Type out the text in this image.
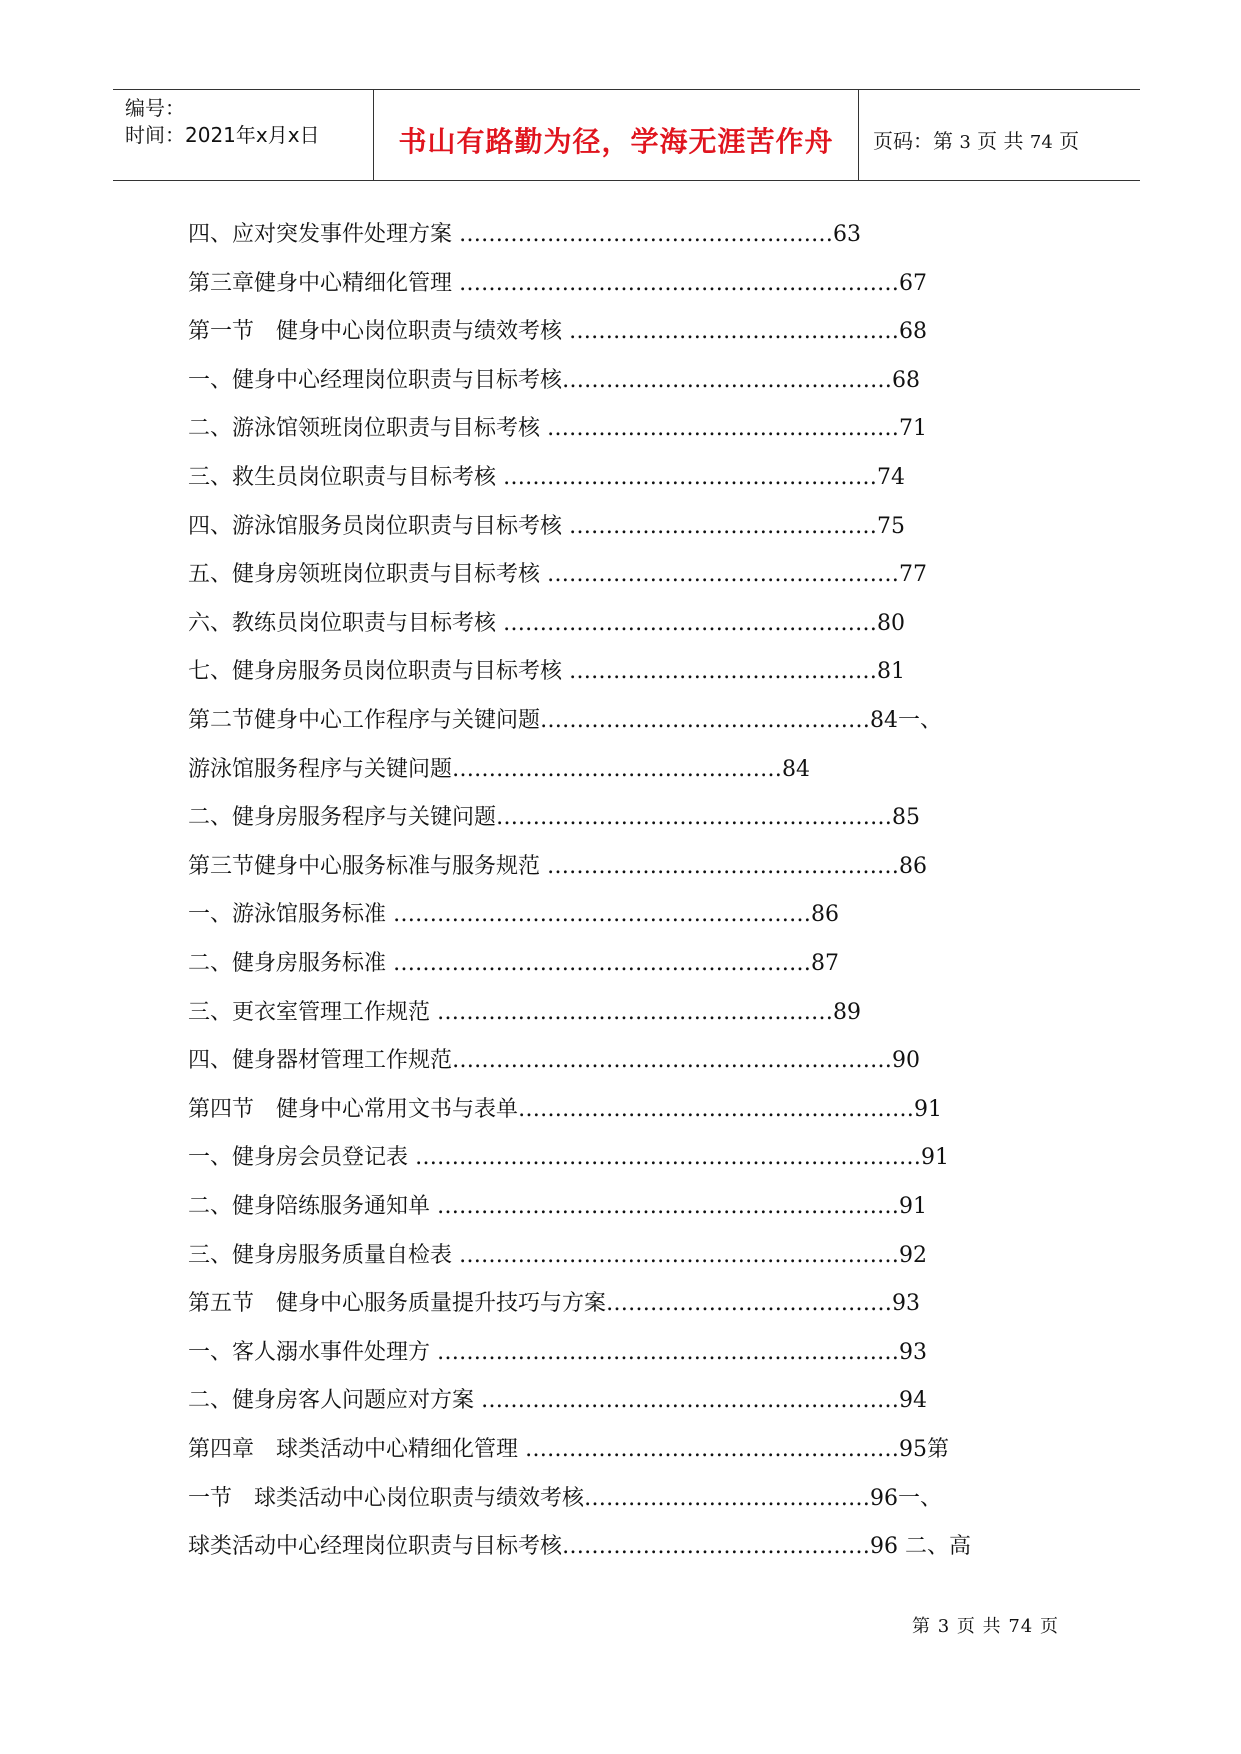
编号：
时间：2021年x月x日	书山有路勤为径，学海无涯苦作舟	页码：第 3 页 共 74 页
四、应对突发事件处理方案 ……………………………………………63
第三章健身中心精细化管理 ……………………………………………………67
第一节　健身中心岗位职责与绩效考核 ………………………………………68
一、健身中心经理岗位职责与目标考核………………………………………68
二、游泳馆领班岗位职责与目标考核 …………………………………………71
三、救生员岗位职责与目标考核 ……………………………………………74
四、游泳馆服务员岗位职责与目标考核 ……………………………………75
五、健身房领班岗位职责与目标考核 …………………………………………77
六、教练员岗位职责与目标考核 ……………………………………………80
七、健身房服务员岗位职责与目标考核 ……………………………………81
第二节健身中心工作程序与关键问题………………………………………84一、
游泳馆服务程序与关键问题………………………………………84
二、健身房服务程序与关键问题………………………………………………85
第三节健身中心服务标准与服务规范 …………………………………………86
一、游泳馆服务标准 …………………………………………………86
二、健身房服务标准 …………………………………………………87
三、更衣室管理工作规范 ………………………………………………89
四、健身器材管理工作规范……………………………………………………90
第四节　健身中心常用文书与表单………………………………………………91
一、健身房会员登记表 ……………………………………………………………91
二、健身陪练服务通知单 ………………………………………………………91
三、健身房服务质量自检表 ……………………………………………………92
第五节　健身中心服务质量提升技巧与方案…………………………………93
一、客人溺水事件处理方 ………………………………………………………93
二、健身房客人问题应对方案 …………………………………………………94
第四章　球类活动中心精细化管理 ……………………………………………95第
一节　球类活动中心岗位职责与绩效考核…………………………………96一、
球类活动中心经理岗位职责与目标考核……………………………………96 二、高
第 3 页 共 74 页
